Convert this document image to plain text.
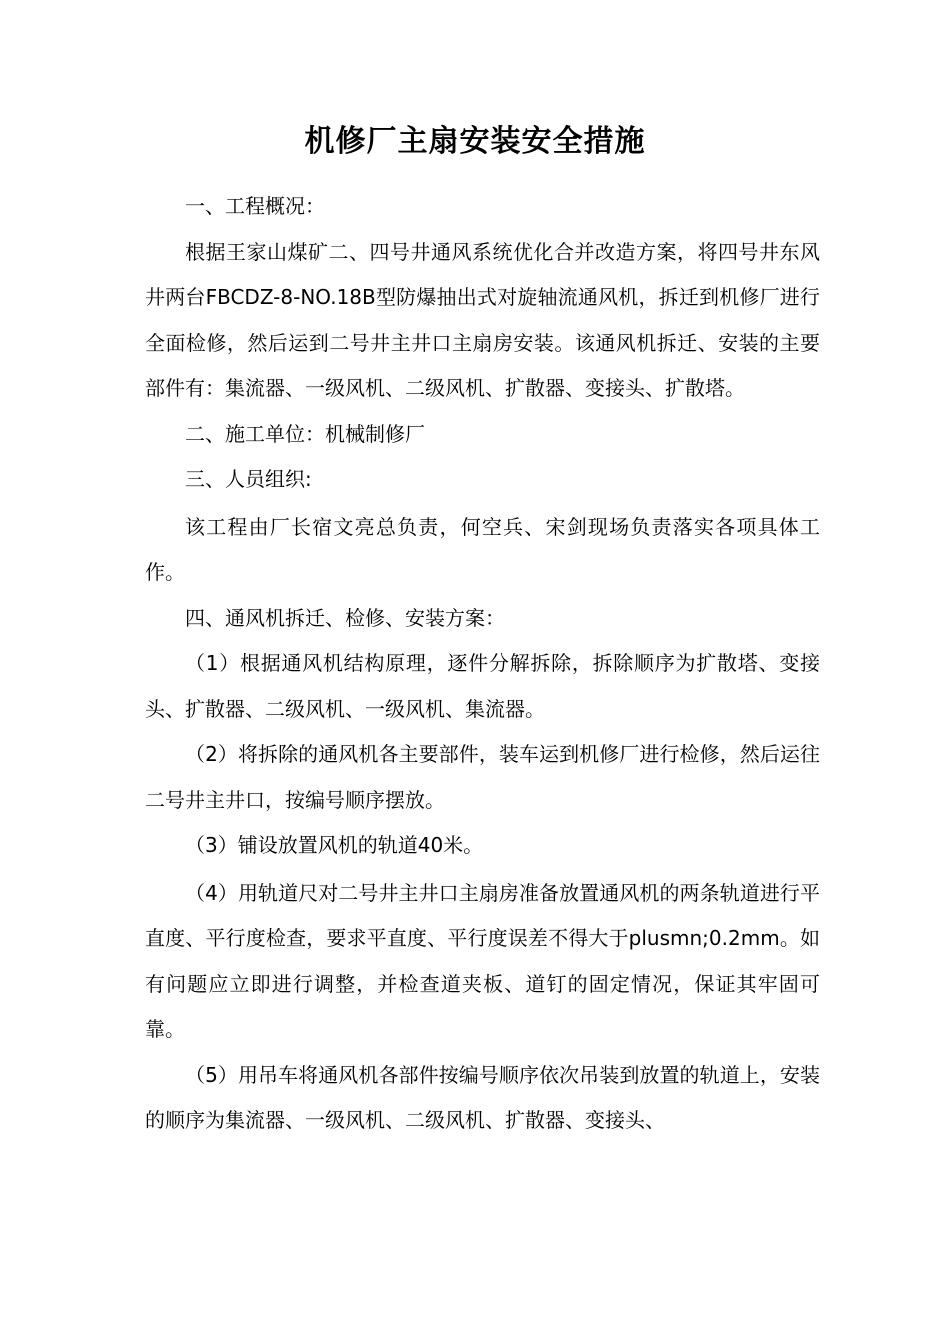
机修厂主扇安装安全措施

一、工程概况：

根据王家山煤矿二、四号井通风系统优化合并改造方案，将四号井东风井两台FBCDZ-8-NO.18B型防爆抽出式对旋轴流通风机，拆迁到机修厂进行全面检修，然后运到二号井主井口主扇房安装。该通风机拆迁、安装的主要部件有：集流器、一级风机、二级风机、扩散器、变接头、扩散塔。

二、施工单位：机械制修厂

三、人员组织:

该工程由厂长宿文亮总负责，何空兵、宋剑现场负责落实各项具体工作。

四、通风机拆迁、检修、安装方案：

（1）根据通风机结构原理，逐件分解拆除，拆除顺序为扩散塔、变接头、扩散器、二级风机、一级风机、集流器。

（2）将拆除的通风机各主要部件，装车运到机修厂进行检修，然后运往二号井主井口，按编号顺序摆放。

（3）铺设放置风机的轨道40米。

（4）用轨道尺对二号井主井口主扇房准备放置通风机的两条轨道进行平直度、平行度检查，要求平直度、平行度误差不得大于plusmn;0.2mm。如有问题应立即进行调整，并检查道夹板、道钉的固定情况，保证其牢固可靠。

（5）用吊车将通风机各部件按编号顺序依次吊装到放置的轨道上，安装的顺序为集流器、一级风机、二级风机、扩散器、变接头、
